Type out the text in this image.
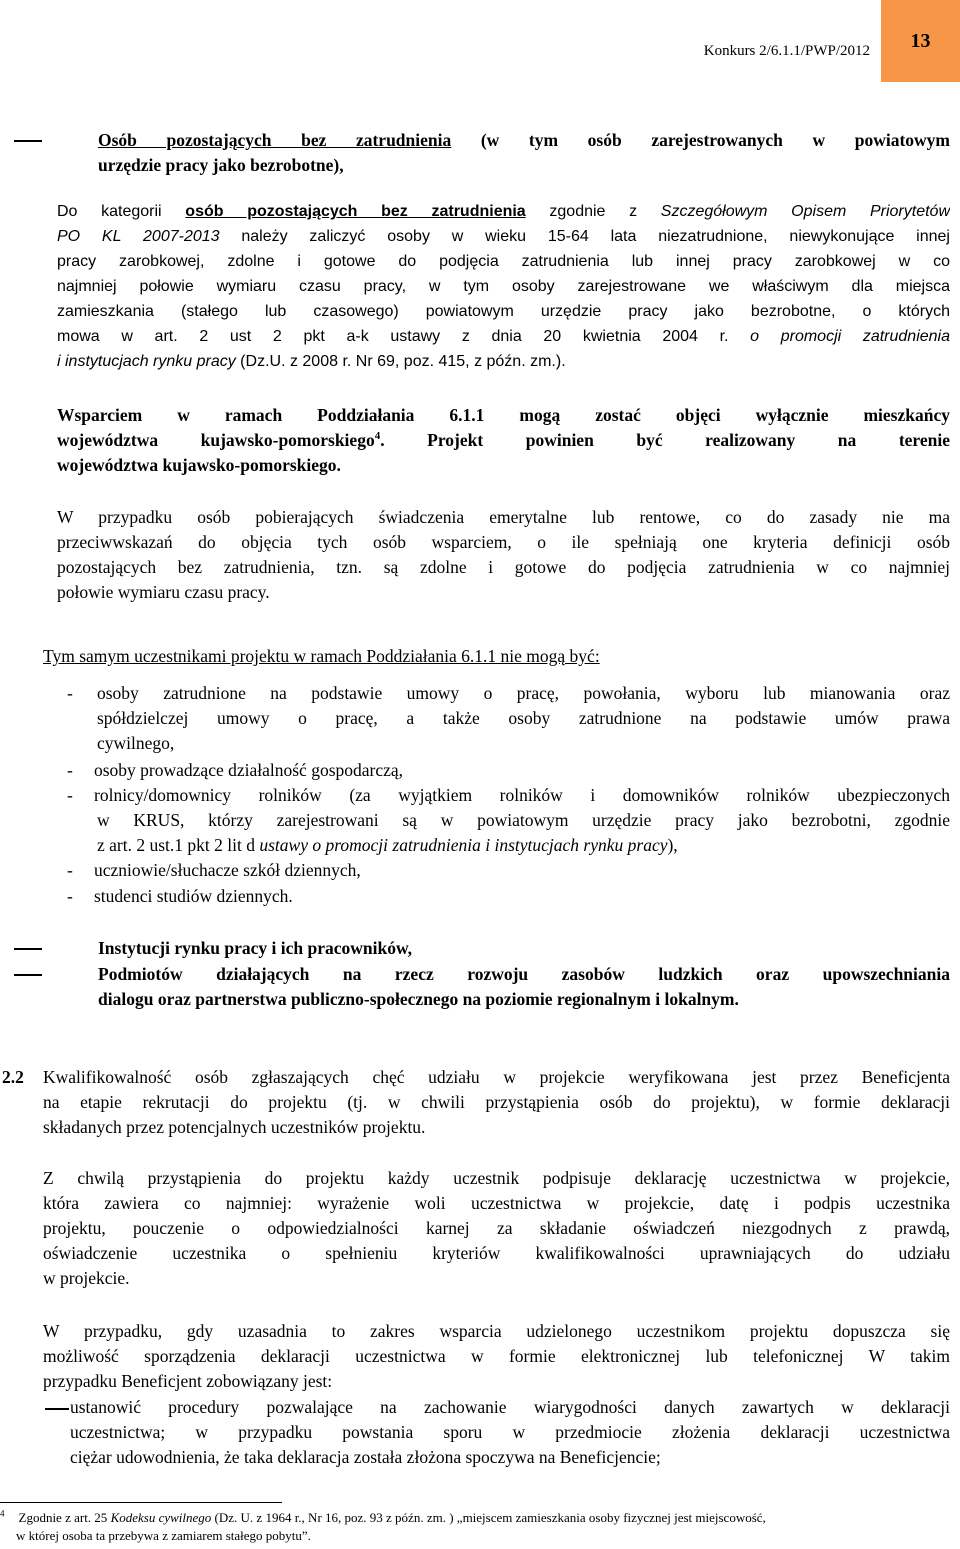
Konkurs 2/6.1.1/PWP/2012 13
Osób pozostających bez zatrudnienia (w tym osób zarejestrowanych w powiatowym
urzędzie pracy jako bezrobotne),
Do kategorii osób pozostających bez zatrudnienia zgodnie z Szczegółowym Opisem Priorytetów
PO KL 2007-2013 należy zaliczyć osoby w wieku 15-64 lata niezatrudnione, niewykonujące innej
pracy zarobkowej, zdolne i gotowe do podjęcia zatrudnienia lub innej pracy zarobkowej w co
najmniej połowie wymiaru czasu pracy, w tym osoby zarejestrowane we właściwym dla miejsca
zamieszkania (stałego lub czasowego) powiatowym urzędzie pracy jako bezrobotne, o których
mowa w art. 2 ust 2 pkt a-k ustawy z dnia 20 kwietnia 2004 r. o promocji zatrudnienia
i instytucjach rynku pracy (Dz.U. z 2008 r. Nr 69, poz. 415, z późn. zm.).
Wsparciem w ramach Poddziałania 6.1.1 mogą zostać objęci wyłącznie mieszkańcy
województwa kujawsko-pomorskiego$^4$. Projekt powinien być realizowany na terenie
województwa kujawsko-pomorskiego.
W przypadku osób pobierających świadczenia emerytalne lub rentowe, co do zasady nie ma
przeciwwskazań do objęcia tych osób wsparciem, o ile spełniają one kryteria definicji osób
pozostających bez zatrudnienia, tzn. są zdolne i gotowe do podjęcia zatrudnienia w co najmniej
połowie wymiaru czasu pracy.
Tym samym uczestnikami projektu w ramach Poddziałania 6.1.1 nie mogą być:
- osoby zatrudnione na podstawie umowy o pracę, powołania, wyboru lub mianowania oraz
spółdzielczej umowy o pracę, a także osoby zatrudnione na podstawie umów prawa
cywilnego,
- osoby prowadzące działalność gospodarczą,
- rolnicy/domownicy rolników (za wyjątkiem rolników i domowników rolników ubezpieczonych
w KRUS, którzy zarejestrowani są w powiatowym urzędzie pracy jako bezrobotni, zgodnie
z art. 2 ust.1 pkt 2 lit d ustawy o promocji zatrudnienia i instytucjach rynku pracy),
- uczniowie/słuchacze szkół dziennych,
- studenci studiów dziennych.
Instytucji rynku pracy i ich pracowników,
Podmiotów działających na rzecz rozwoju zasobów ludzkich oraz upowszechniania
dialogu oraz partnerstwa publiczno-społecznego na poziomie regionalnym i lokalnym.
2.2 Kwalifikowalność osób zgłaszających chęć udziału w projekcie weryfikowana jest przez Beneficjenta
na etapie rekrutacji do projektu (tj. w chwili przystąpienia osób do projektu), w formie deklaracji
składanych przez potencjalnych uczestników projektu.
Z chwilą przystąpienia do projektu każdy uczestnik podpisuje deklarację uczestnictwa w projekcie,
która zawiera co najmniej: wyrażenie woli uczestnictwa w projekcie, datę i podpis uczestnika
projektu, pouczenie o odpowiedzialności karnej za składanie oświadczeń niezgodnych z prawdą,
oświadczenie uczestnika o spełnieniu kryteriów kwalifikowalności uprawniających do udziału
w projekcie.
W przypadku, gdy uzasadnia to zakres wsparcia udzielonego uczestnikom projektu dopuszcza się
możliwość sporządzenia deklaracji uczestnictwa w formie elektronicznej lub telefonicznej W takim
przypadku Beneficjent zobowiązany jest:
ustanowić procedury pozwalające na zachowanie wiarygodności danych zawartych w deklaracji
uczestnictwa; w przypadku powstania sporu w przedmiocie złożenia deklaracji uczestnictwa
ciężar udowodnienia, że taka deklaracja została złożona spoczywa na Beneficjencie;
$^4$ Zgodnie z art. 25 Kodeksu cywilnego (Dz. U. z 1964 r., Nr 16, poz. 93 z późn. zm. ) „miejscem zamieszkania osoby fizycznej jest miejscowość,
w której osoba ta przebywa z zamiarem stałego pobytu”.
